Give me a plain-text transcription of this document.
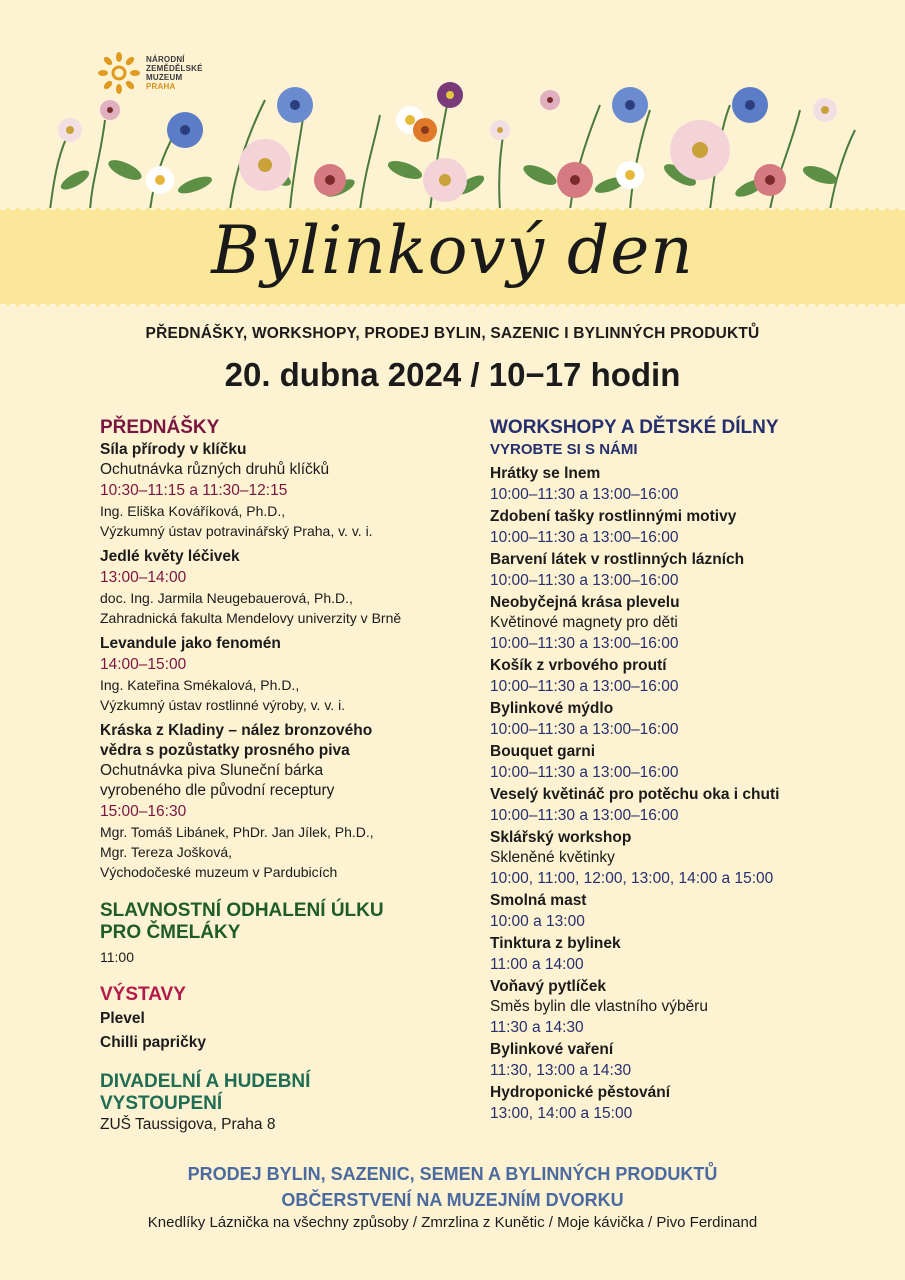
NÁRODNÍ
ZEMĚDĚLSKÉ
MUZEUM
PRAHA
Bylinkový den
PŘEDNÁŠKY, WORKSHOPY, PRODEJ BYLIN, SAZENIC I BYLINNÝCH PRODUKTŮ
20. dubna 2024 / 10−17 hodin
PŘEDNÁŠKY
Síla přírody v klíčku
Ochutnávka různých druhů klíčků
10:30–11:15 a 11:30–12:15
Ing. Eliška Kováříková, Ph.D.,
Výzkumný ústav potravinářský Praha, v. v. i.
Jedlé květy léčivek
13:00–14:00
doc. Ing. Jarmila Neugebauerová, Ph.D.,
Zahradnická fakulta Mendelovy univerzity v Brně
Levandule jako fenomén
14:00–15:00
Ing. Kateřina Smékalová, Ph.D.,
Výzkumný ústav rostlinné výroby, v. v. i.
Kráska z Kladiny – nález bronzového
vědra s pozůstatky prosného piva
Ochutnávka piva Sluneční bárka
vyrobeného dle původní receptury
15:00–16:30
Mgr. Tomáš Libánek, PhDr. Jan Jílek, Ph.D.,
Mgr. Tereza Jošková,
Východočeské muzeum v Pardubicích
SLAVNOSTNÍ ODHALENÍ ÚLKU
PRO ČMELÁKY
11:00
VÝSTAVY
Plevel
Chilli papričky
DIVADELNÍ A HUDEBNÍ
VYSTOUPENÍ
ZUŠ Taussigova, Praha 8
WORKSHOPY A DĚTSKÉ DÍLNY
VYROBTE SI S NÁMI
Hrátky se lnem
10:00–11:30 a 13:00–16:00
Zdobení tašky rostlinnými motivy
10:00–11:30 a 13:00–16:00
Barvení látek v rostlinných lázních
10:00–11:30 a 13:00–16:00
Neobyčejná krása plevelu
Květinové magnety pro děti
10:00–11:30 a 13:00–16:00
Košík z vrbového proutí
10:00–11:30 a 13:00–16:00
Bylinkové mýdlo
10:00–11:30 a 13:00–16:00
Bouquet garni
10:00–11:30 a 13:00–16:00
Veselý květináč pro potěchu oka i chuti
10:00–11:30 a 13:00–16:00
Sklářský workshop
Skleněné květinky
10:00, 11:00, 12:00, 13:00, 14:00 a 15:00
Smolná mast
10:00 a 13:00
Tinktura z bylinek
11:00 a 14:00
Voňavý pytlíček
Směs bylin dle vlastního výběru
11:30 a 14:30
Bylinkové vaření
11:30, 13:00 a 14:30
Hydroponické pěstování
13:00, 14:00 a 15:00
PRODEJ BYLIN, SAZENIC, SEMEN A BYLINNÝCH PRODUKTŮ
OBČERSTVENÍ NA MUZEJNÍM DVORKU
Knedlíky Láznička na všechny způsoby / Zmrzlina z Kunětic / Moje kávička / Pivo Ferdinand
